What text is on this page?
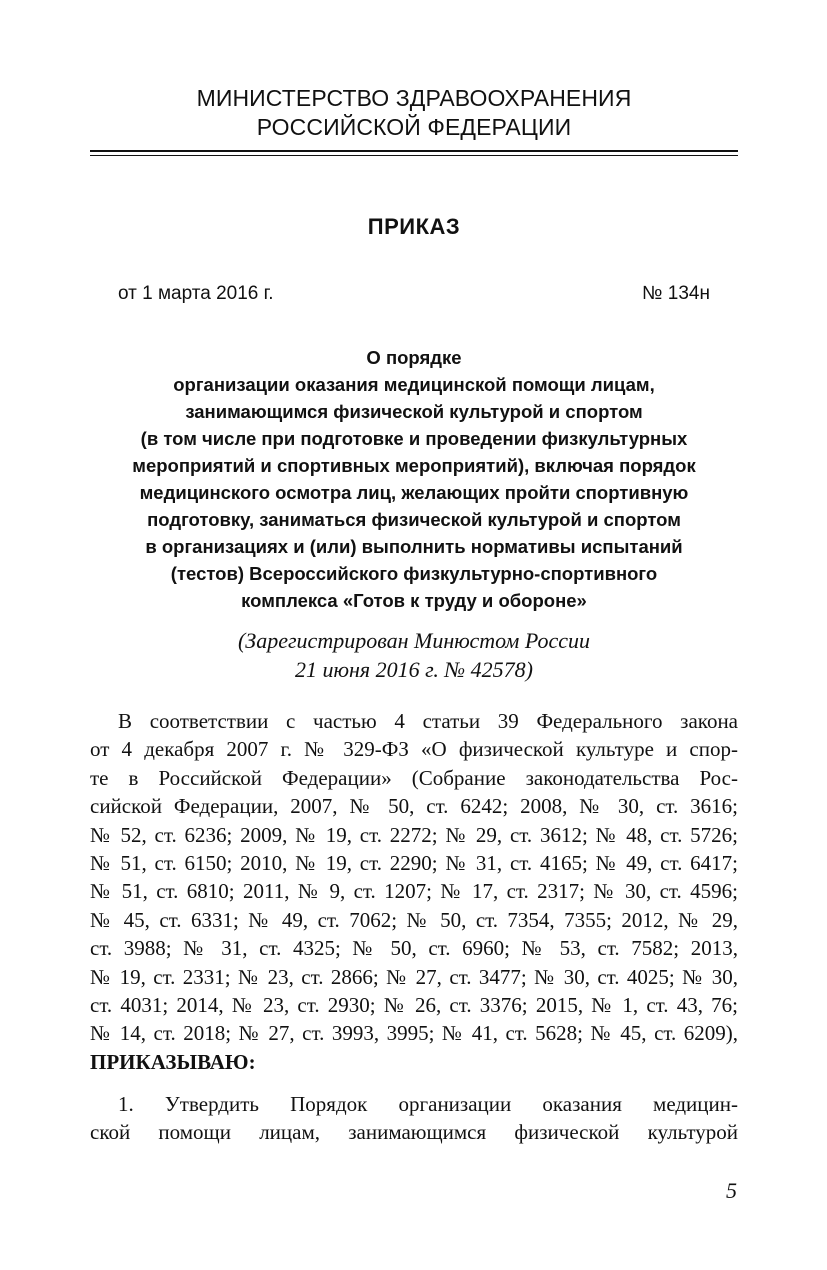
МИНИСТЕРСТВО ЗДРАВООХРАНЕНИЯ
РОССИЙСКОЙ ФЕДЕРАЦИИ
ПРИКАЗ
от 1 марта 2016 г.	№ 134н
О порядке
организации оказания медицинской помощи лицам,
занимающимся физической культурой и спортом
(в том числе при подготовке и проведении физкультурных
мероприятий и спортивных мероприятий), включая порядок
медицинского осмотра лиц, желающих пройти спортивную
подготовку, заниматься физической культурой и спортом
в организациях и (или) выполнить нормативы испытаний
(тестов) Всероссийского физкультурно-спортивного
комплекса «Готов к труду и обороне»
(Зарегистрирован Минюстом России
21 июня 2016 г. № 42578)
В соответствии с частью 4 статьи 39 Федерального закона
от 4 декабря 2007 г. № 329-ФЗ «О физической культуре и спор-
те в Российской Федерации» (Собрание законодательства Рос-
сийской Федерации, 2007, № 50, ст. 6242; 2008, № 30, ст. 3616;
№ 52, ст. 6236; 2009, № 19, ст. 2272; № 29, ст. 3612; № 48, ст. 5726;
№ 51, ст. 6150; 2010, № 19, ст. 2290; № 31, ст. 4165; № 49, ст. 6417;
№ 51, ст. 6810; 2011, № 9, ст. 1207; № 17, ст. 2317; № 30, ст. 4596;
№ 45, ст. 6331; № 49, ст. 7062; № 50, ст. 7354, 7355; 2012, № 29,
ст. 3988; № 31, ст. 4325; № 50, ст. 6960; № 53, ст. 7582; 2013,
№ 19, ст. 2331; № 23, ст. 2866; № 27, ст. 3477; № 30, ст. 4025; № 30,
ст. 4031; 2014, № 23, ст. 2930; № 26, ст. 3376; 2015, № 1, ст. 43, 76;
№ 14, ст. 2018; № 27, ст. 3993, 3995; № 41, ст. 5628; № 45, ст. 6209),
ПРИКАЗЫВАЮ:
1. Утвердить Порядок организации оказания медицин-
ской помощи лицам, занимающимся физической культурой
5
